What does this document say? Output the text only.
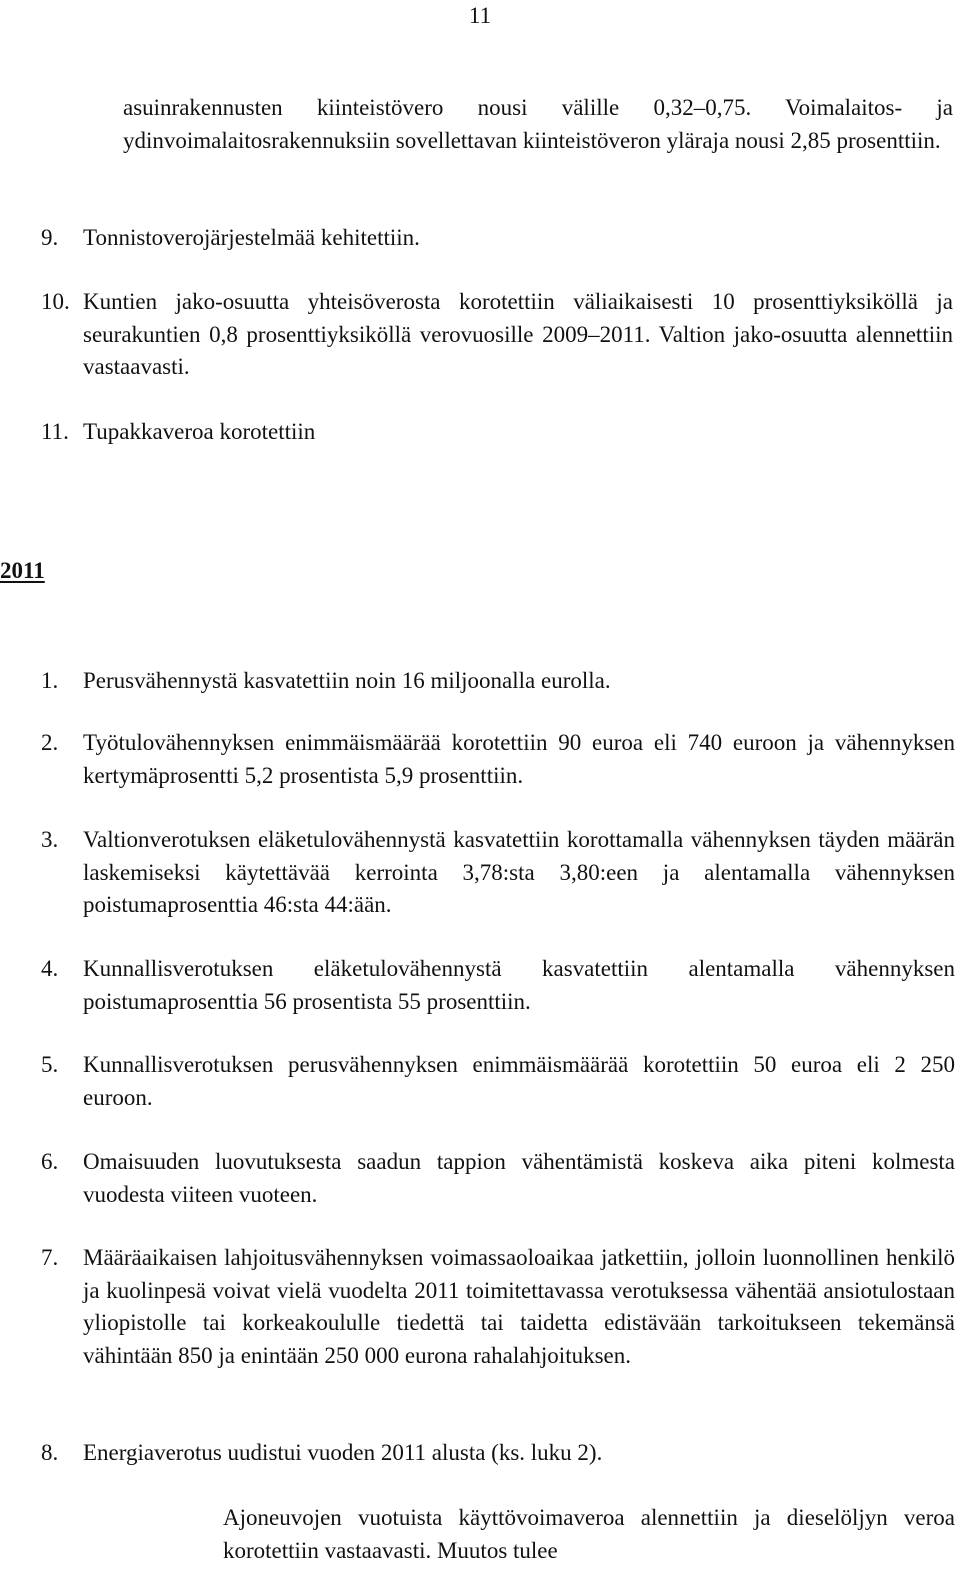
11
asuinrakennusten kiinteistövero nousi välille 0,32–0,75. Voimalaitos- ja ydinvoimalaitosrakennuksiin sovellettavan kiinteistöveron yläraja nousi 2,85 prosenttiin.
9. Tonnistoverojärjestelmää kehitettiin.
10. Kuntien jako-osuutta yhteisöverosta korotettiin väliaikaisesti 10 prosenttiyksiköllä ja seurakuntien 0,8 prosenttiyksiköllä verovuosille 2009–2011. Valtion jako-osuutta alennettiin vastaavasti.
11. Tupakkaveroa korotettiin
2011
1. Perusvähennystä kasvatettiin noin 16 miljoonalla eurolla.
2. Työtulovähennyksen enimmäismäärää korotettiin 90 euroa eli 740 euroon ja vähennyksen kertymäprosentti 5,2 prosentista 5,9 prosenttiin.
3. Valtionverotuksen eläketulovähennystä kasvatettiin korottamalla vähennyksen täyden määrän laskemiseksi käytettävää kerrointa 3,78:sta 3,80:een ja alentamalla vähennyksen poistumaprosenttia 46:sta 44:ään.
4. Kunnallisverotuksen eläketulovähennystä kasvatettiin alentamalla vähennyksen poistumaprosenttia 56 prosentista 55 prosenttiin.
5. Kunnallisverotuksen perusvähennyksen enimmäismäärää korotettiin 50 euroa eli 2 250 euroon.
6. Omaisuuden luovutuksesta saadun tappion vähentämistä koskeva aika piteni kolmesta vuodesta viiteen vuoteen.
7. Määräaikaisen lahjoitusvähennyksen voimassaoloaikaa jatkettiin, jolloin luonnollinen henkilö ja kuolinpesä voivat vielä vuodelta 2011 toimitettavassa verotuksessa vähentää ansiotulostaan yliopistolle tai korkeakoululle tiedettä tai taidetta edistävään tarkoitukseen tekemänsä vähintään 850 ja enintään 250 000 eurona rahalahjoituksen.
8. Energiaverotus uudistui vuoden 2011 alusta (ks. luku 2).
Ajoneuvojen vuotuista käyttövoimaveroa alennettiin ja dieselöljyn veroa korotettiin vastaavasti. Muutos tulee
